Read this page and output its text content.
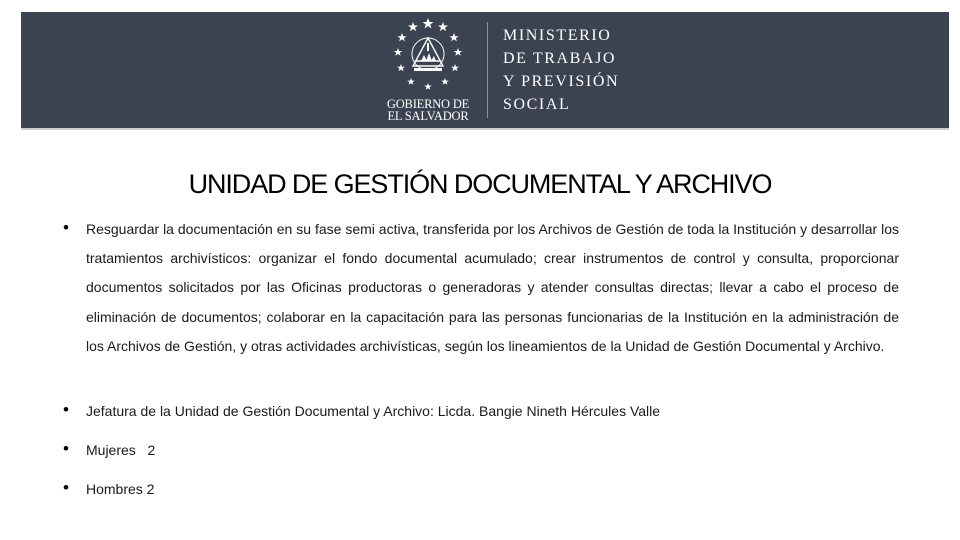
GOBIERNO DE
EL SALVADOR
MINISTERIO
DE TRABAJO
Y PREVISIÓN
SOCIAL
UNIDAD DE GESTIÓN DOCUMENTAL Y ARCHIVO
• Resguardar la documentación en su fase semi activa, transferida por los Archivos de Gestión de toda la Institución y desarrollar los tratamientos archivísticos: organizar el fondo documental acumulado; crear instrumentos de control y consulta, proporcionar documentos solicitados por las Oficinas productoras o generadoras y atender consultas directas; llevar a cabo el proceso de eliminación de documentos; colaborar en la capacitación para las personas funcionarias de la Institución en la administración de los Archivos de Gestión, y otras actividades archivísticas, según los lineamientos de la Unidad de Gestión Documental y Archivo.
• Jefatura de la Unidad de Gestión Documental y Archivo: Licda. Bangie Nineth Hércules Valle
• Mujeres   2
• Hombres 2
